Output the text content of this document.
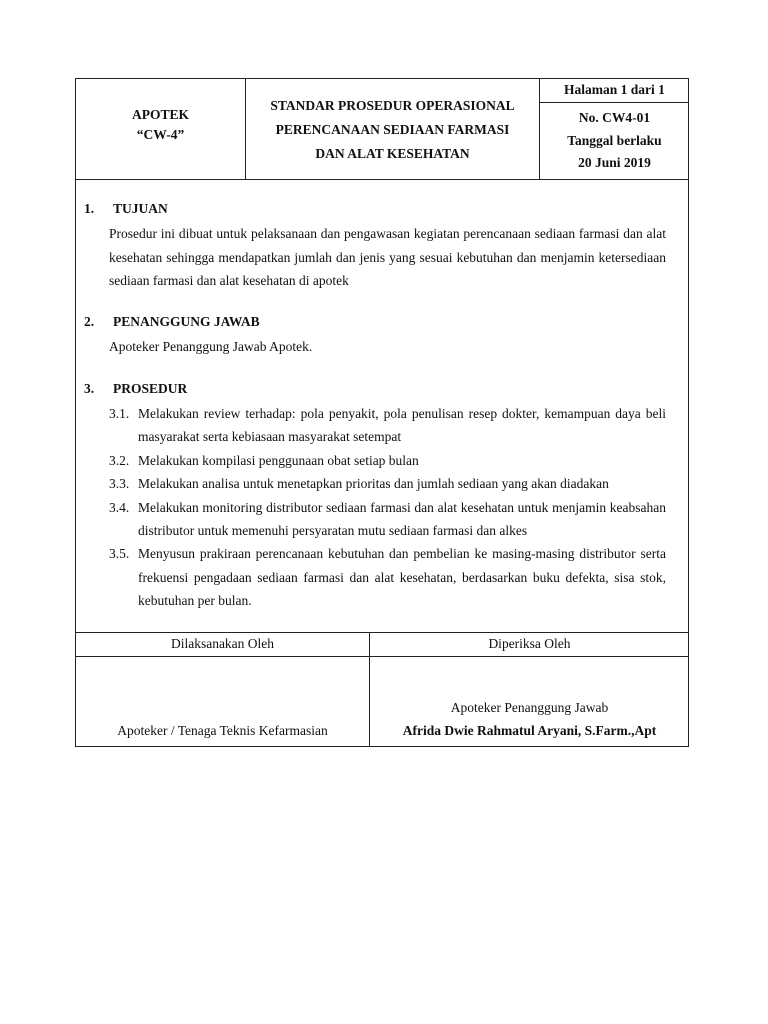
APOTEK
“CW-4”
STANDAR PROSEDUR OPERASIONAL
PERENCANAAN SEDIAAN FARMASI
DAN ALAT KESEHATAN
Halaman 1 dari 1
No. CW4-01
Tanggal berlaku
20 Juni 2019
1. TUJUAN
Prosedur ini dibuat untuk pelaksanaan dan pengawasan kegiatan perencanaan sediaan farmasi dan alat kesehatan sehingga mendapatkan jumlah dan jenis yang sesuai kebutuhan dan menjamin ketersediaan sediaan farmasi dan alat kesehatan di apotek
2. PENANGGUNG JAWAB
Apoteker Penanggung Jawab Apotek.
3. PROSEDUR
3.1. Melakukan review terhadap: pola penyakit, pola penulisan resep dokter, kemampuan daya beli masyarakat serta kebiasaan masyarakat setempat
3.2. Melakukan kompilasi penggunaan obat setiap bulan
3.3. Melakukan analisa untuk menetapkan prioritas dan jumlah sediaan yang akan diadakan
3.4. Melakukan monitoring distributor sediaan farmasi dan alat kesehatan untuk menjamin keabsahan distributor untuk memenuhi persyaratan mutu sediaan farmasi dan alkes
3.5. Menyusun prakiraan perencanaan kebutuhan dan pembelian ke masing-masing distributor serta frekuensi pengadaan sediaan farmasi dan alat kesehatan, berdasarkan buku defekta, sisa stok, kebutuhan per bulan.
Dilaksanakan Oleh	Diperiksa Oleh
Apoteker / Tenaga Teknis Kefarmasian
Apoteker Penanggung Jawab
Afrida Dwie Rahmatul Aryani, S.Farm.,Apt
